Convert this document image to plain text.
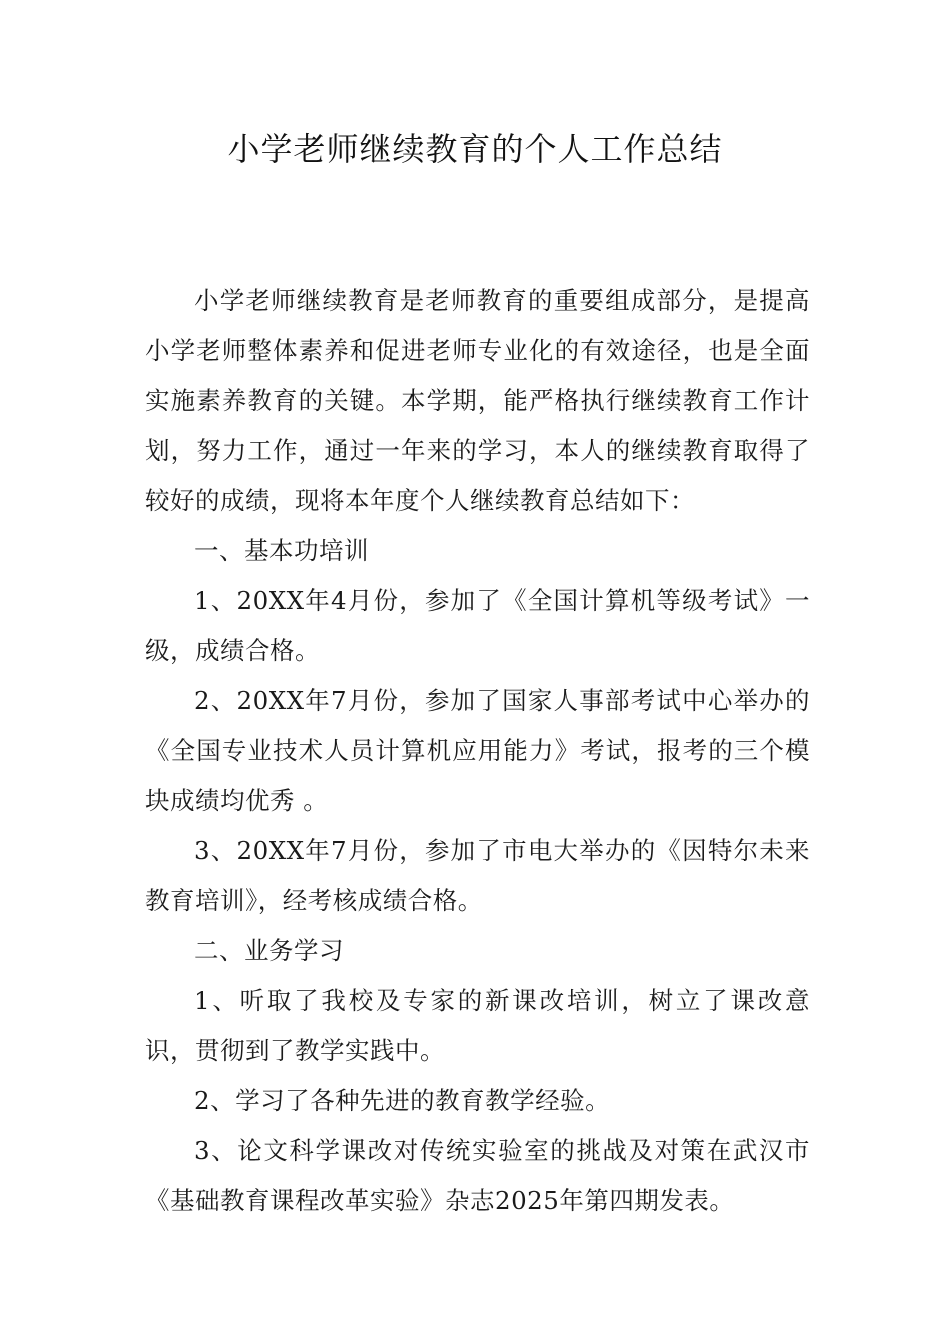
小学老师继续教育的个人工作总结

小学老师继续教育是老师教育的重要组成部分，是提高小学老师整体素养和促进老师专业化的有效途径，也是全面实施素养教育的关键。本学期，能严格执行继续教育工作计划，努力工作，通过一年来的学习，本人的继续教育取得了较好的成绩，现将本年度个人继续教育总结如下：

一、基本功培训

1、20XX年4月份，参加了《全国计算机等级考试》一级，成绩合格。

2、20XX年7月份，参加了国家人事部考试中心举办的《全国专业技术人员计算机应用能力》考试，报考的三个模块成绩均优秀 。

3、20XX年7月份，参加了市电大举办的《因特尔未来教育培训》，经考核成绩合格。

二、业务学习

1、听取了我校及专家的新课改培训，树立了课改意识，贯彻到了教学实践中。

2、学习了各种先进的教育教学经验。

3、论文科学课改对传统实验室的挑战及对策在武汉市《基础教育课程改革实验》杂志2025年第四期发表。
